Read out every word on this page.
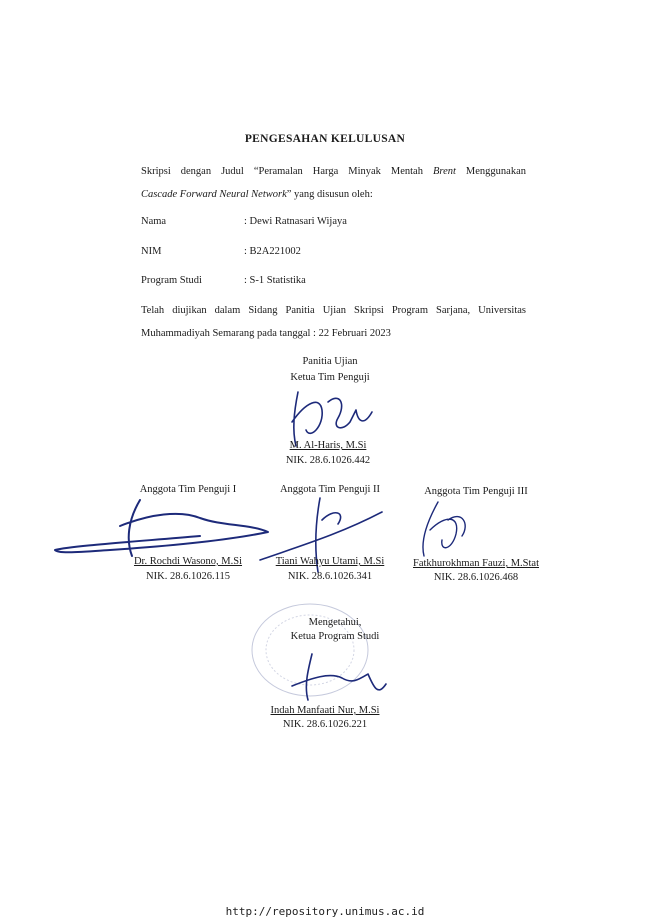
PENGESAHAN KELULUSAN
Skripsi dengan Judul “Peramalan Harga Minyak Mentah Brent Menggunakan
Cascade Forward Neural Network” yang disusun oleh:
Nama	: Dewi Ratnasari Wijaya
NIM	: B2A221002
Program Studi	: S-1 Statistika
Telah diujikan dalam Sidang Panitia Ujian Skripsi Program Sarjana, Universitas
Muhammadiyah Semarang pada tanggal : 22 Februari 2023
Panitia Ujian
Ketua Tim Penguji
M. Al-Haris, M.Si
NIK. 28.6.1026.442
Anggota Tim Penguji I	Anggota Tim Penguji II	Anggota Tim Penguji III
Dr. Rochdi Wasono, M.Si
NIK. 28.6.1026.115
Tiani Wahyu Utami, M.Si
NIK. 28.6.1026.341
Fatkhurokhman Fauzi, M.Stat
NIK. 28.6.1026.468
Mengetahui,
Ketua Program Studi
Indah Manfaati Nur, M.Si
NIK. 28.6.1026.221
http://repository.unimus.ac.id
